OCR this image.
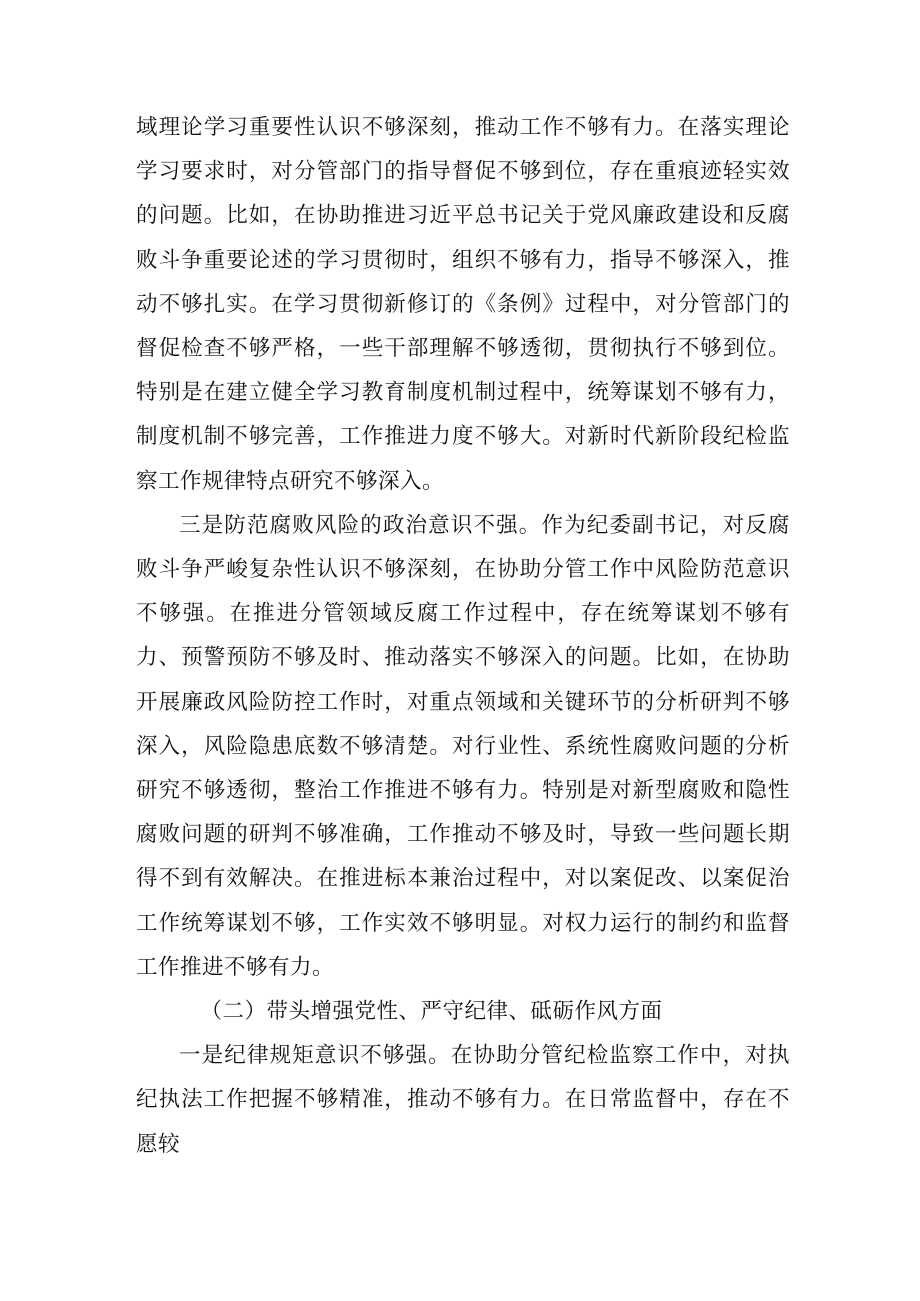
域理论学习重要性认识不够深刻，推动工作不够有力。在落实理论学习要求时，对分管部门的指导督促不够到位，存在重痕迹轻实效的问题。比如，在协助推进习近平总书记关于党风廉政建设和反腐败斗争重要论述的学习贯彻时，组织不够有力，指导不够深入，推动不够扎实。在学习贯彻新修订的《条例》过程中，对分管部门的督促检查不够严格，一些干部理解不够透彻，贯彻执行不够到位。特别是在建立健全学习教育制度机制过程中，统筹谋划不够有力，制度机制不够完善，工作推进力度不够大。对新时代新阶段纪检监察工作规律特点研究不够深入。

三是防范腐败风险的政治意识不强。作为纪委副书记，对反腐败斗争严峻复杂性认识不够深刻，在协助分管工作中风险防范意识不够强。在推进分管领域反腐工作过程中，存在统筹谋划不够有力、预警预防不够及时、推动落实不够深入的问题。比如，在协助开展廉政风险防控工作时，对重点领域和关键环节的分析研判不够深入，风险隐患底数不够清楚。对行业性、系统性腐败问题的分析研究不够透彻，整治工作推进不够有力。特别是对新型腐败和隐性腐败问题的研判不够准确，工作推动不够及时，导致一些问题长期得不到有效解决。在推进标本兼治过程中，对以案促改、以案促治工作统筹谋划不够，工作实效不够明显。对权力运行的制约和监督工作推进不够有力。

（二）带头增强党性、严守纪律、砥砺作风方面

一是纪律规矩意识不够强。在协助分管纪检监察工作中，对执纪执法工作把握不够精准，推动不够有力。在日常监督中，存在不愿较
